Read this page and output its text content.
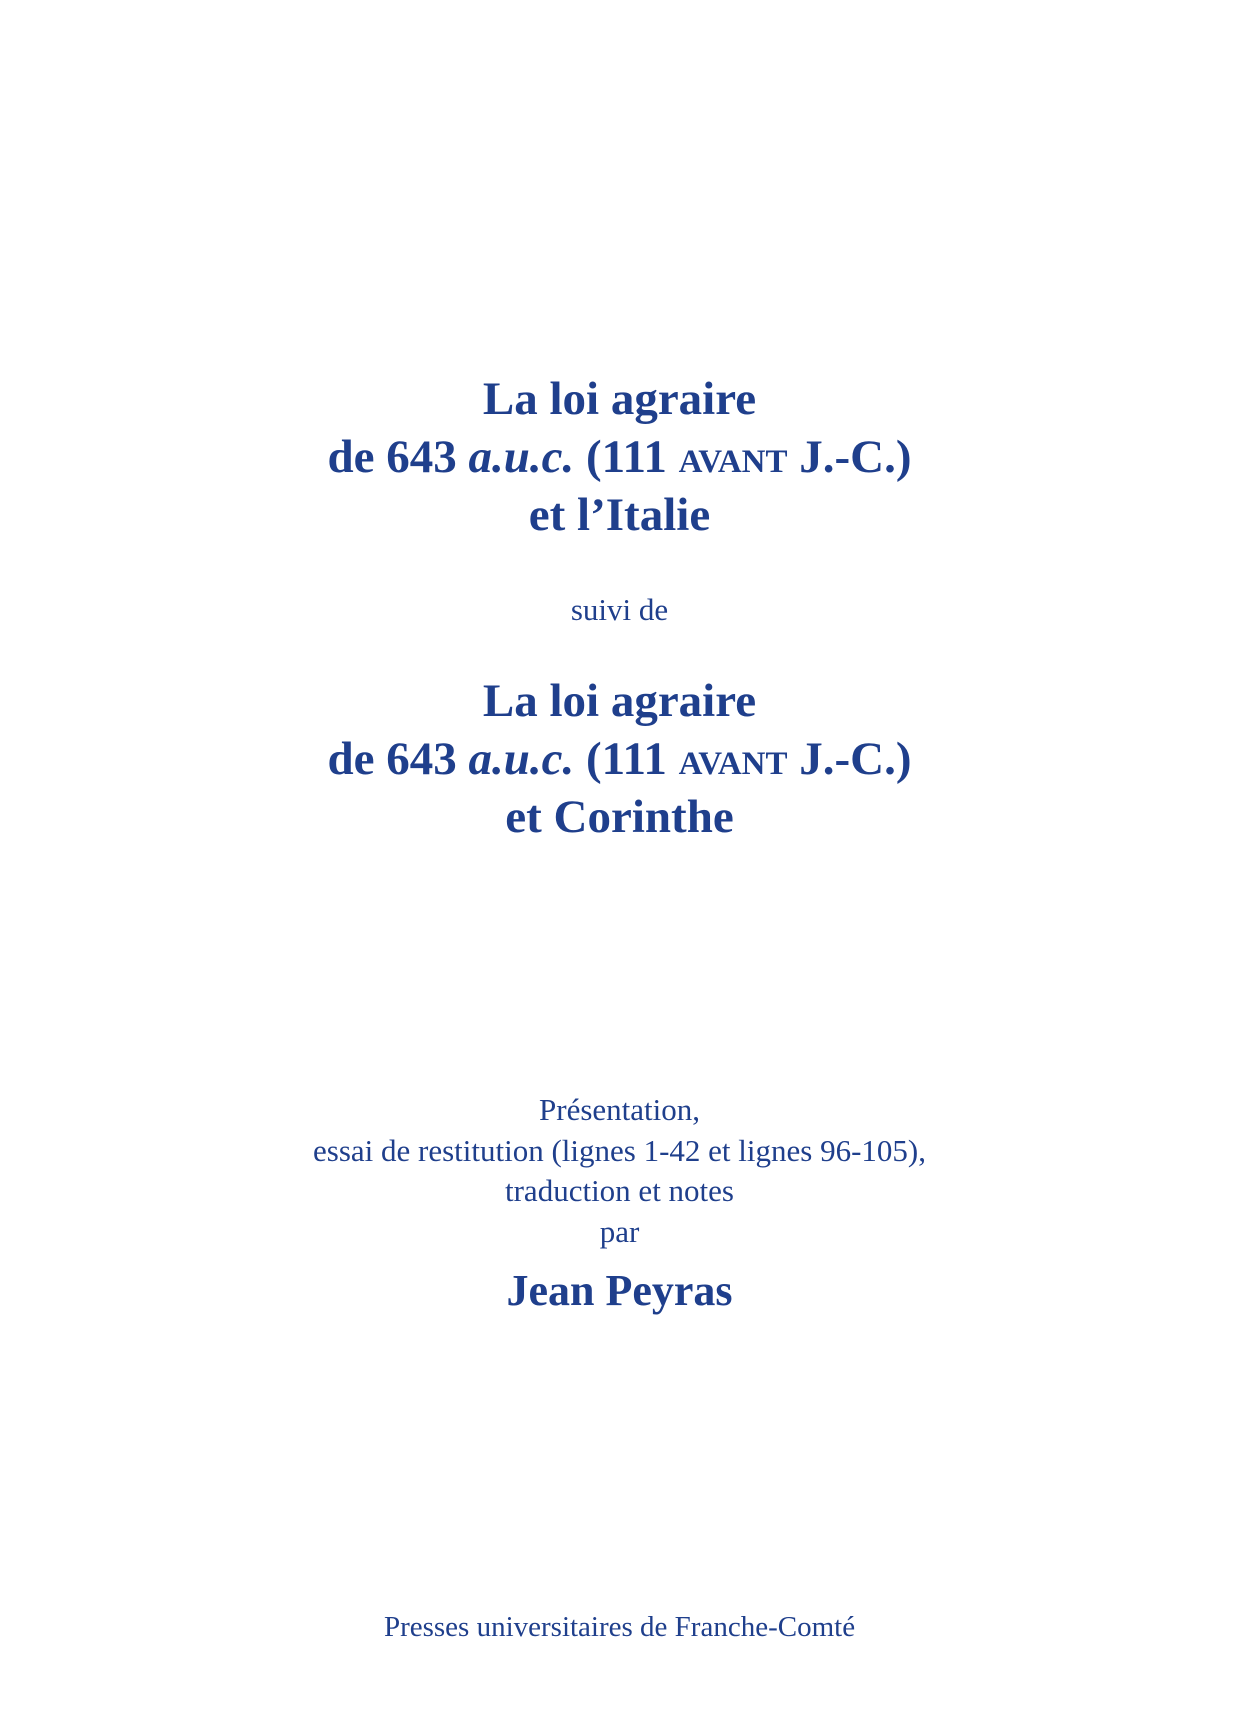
La loi agraire
de 643 a.u.c. (111 avant J.-C.)
et l’Italie
suivi de
La loi agraire
de 643 a.u.c. (111 avant J.-C.)
et Corinthe
Présentation,
essai de restitution (lignes 1-42 et lignes 96-105),
traduction et notes
par
Jean Peyras
Presses universitaires de Franche-Comté
